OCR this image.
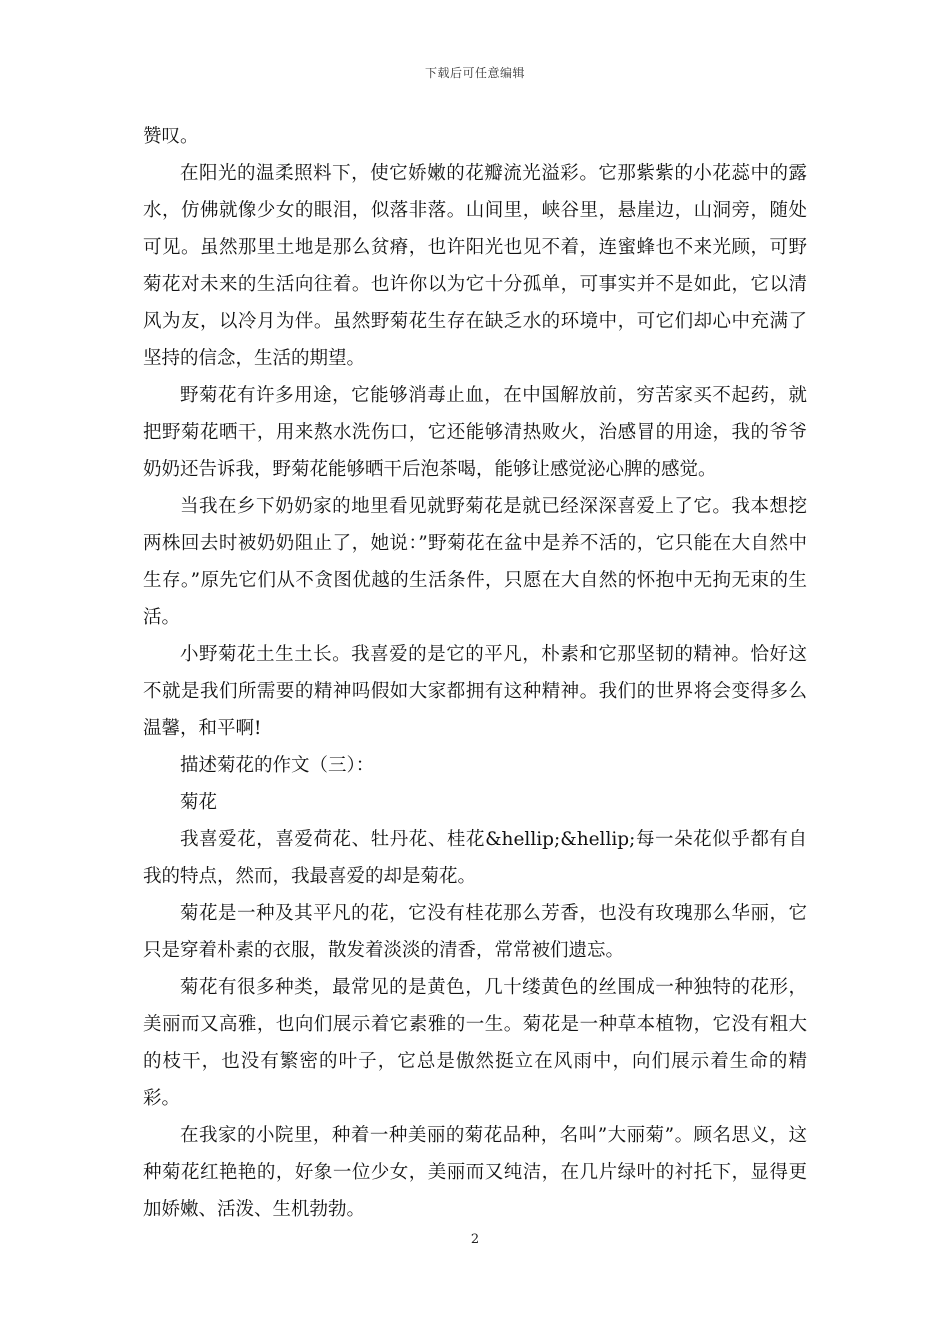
下载后可任意编辑

赞叹。

在阳光的温柔照料下，使它娇嫩的花瓣流光溢彩。它那紫紫的小花蕊中的露水，仿佛就像少女的眼泪，似落非落。山间里，峡谷里，悬崖边，山洞旁，随处可见。虽然那里土地是那么贫瘠，也许阳光也见不着，连蜜蜂也不来光顾，可野菊花对未来的生活向往着。也许你以为它十分孤单，可事实并不是如此，它以清风为友，以冷月为伴。虽然野菊花生存在缺乏水的环境中，可它们却心中充满了坚持的信念，生活的期望。

野菊花有许多用途，它能够消毒止血，在中国解放前，穷苦家买不起药，就把野菊花晒干，用来熬水洗伤口，它还能够清热败火，治感冒的用途，我的爷爷奶奶还告诉我，野菊花能够晒干后泡茶喝，能够让感觉泌心脾的感觉。

当我在乡下奶奶家的地里看见就野菊花是就已经深深喜爱上了它。我本想挖两株回去时被奶奶阻止了，她说：”野菊花在盆中是养不活的，它只能在大自然中生存。”原先它们从不贪图优越的生活条件，只愿在大自然的怀抱中无拘无束的生活。

小野菊花土生土长。我喜爱的是它的平凡，朴素和它那坚韧的精神。恰好这不就是我们所需要的精神吗假如大家都拥有这种精神。我们的世界将会变得多么温馨，和平啊!

描述菊花的作文（三）：

菊花

我喜爱花，喜爱荷花、牡丹花、桂花&hellip;&hellip;每一朵花似乎都有自我的特点，然而，我最喜爱的却是菊花。

菊花是一种及其平凡的花，它没有桂花那么芳香，也没有玫瑰那么华丽，它只是穿着朴素的衣服，散发着淡淡的清香，常常被们遗忘。

菊花有很多种类，最常见的是黄色，几十缕黄色的丝围成一种独特的花形，美丽而又高雅，也向们展示着它素雅的一生。菊花是一种草本植物，它没有粗大的枝干，也没有繁密的叶子，它总是傲然挺立在风雨中，向们展示着生命的精彩。

在我家的小院里，种着一种美丽的菊花品种，名叫”大丽菊”。顾名思义，这种菊花红艳艳的，好象一位少女，美丽而又纯洁，在几片绿叶的衬托下，显得更加娇嫩、活泼、生机勃勃。

2
